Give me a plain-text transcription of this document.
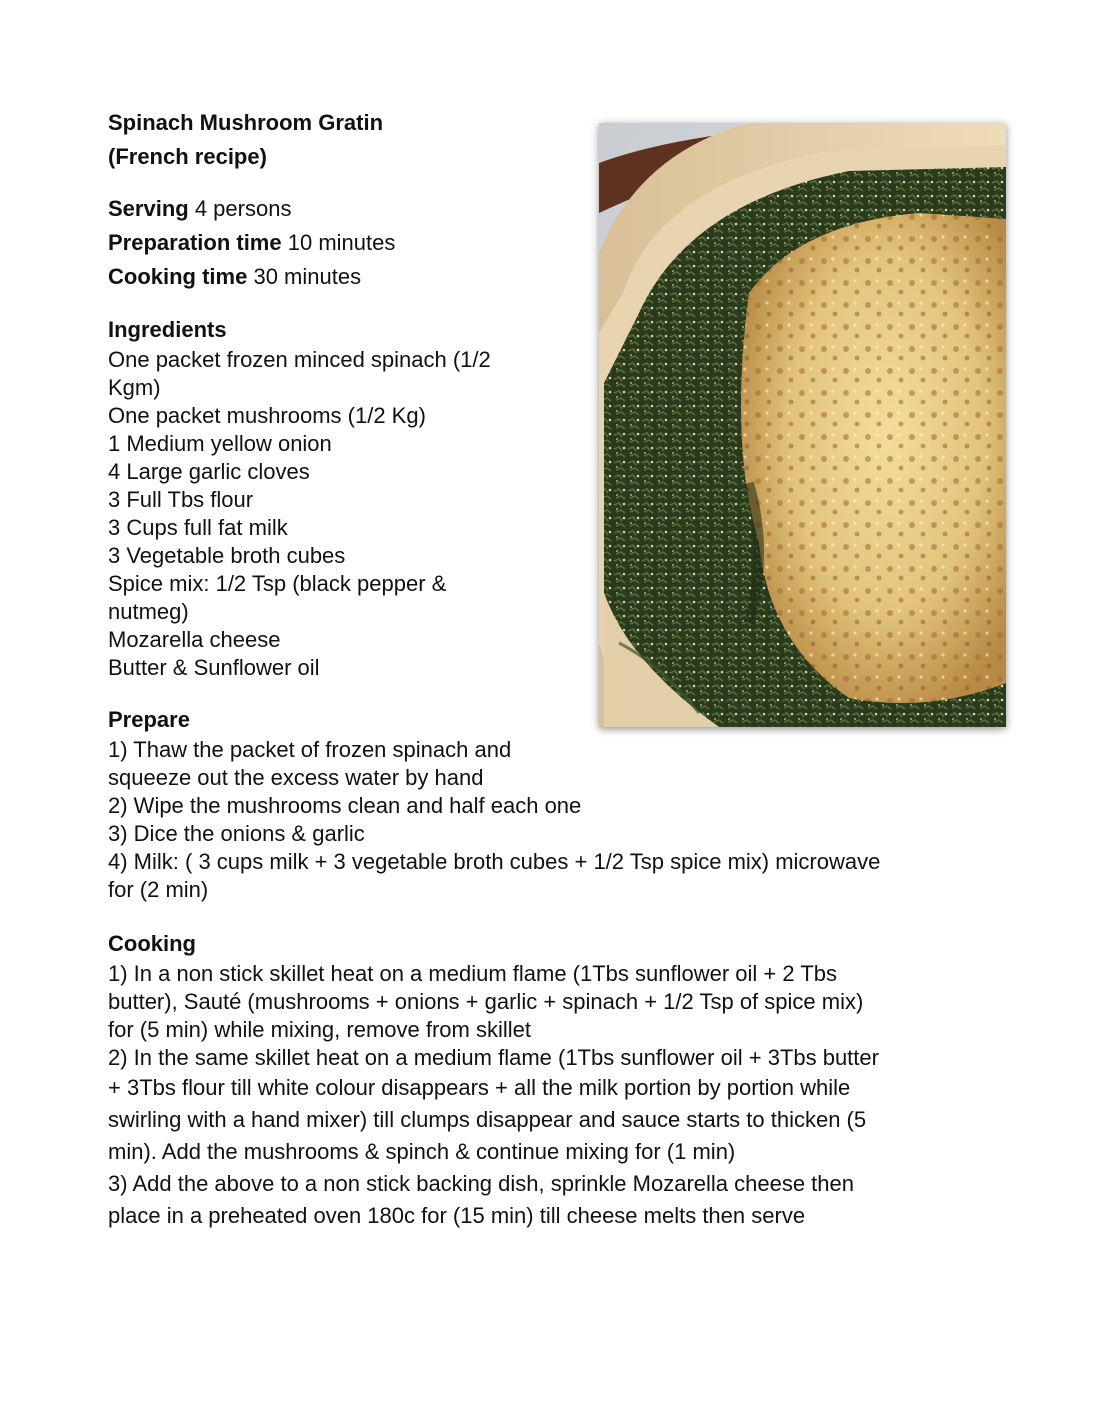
Spinach Mushroom Gratin
(French recipe)
Serving 4 persons
Preparation time 10 minutes
Cooking time 30 minutes
Ingredients
One packet frozen minced spinach (1/2
Kgm)
One packet mushrooms (1/2 Kg)
1 Medium yellow onion
4 Large garlic cloves
3 Full Tbs flour
3 Cups full fat milk
3 Vegetable broth cubes
Spice mix: 1/2 Tsp (black pepper &
nutmeg)
Mozarella cheese
Butter & Sunflower oil
Prepare
1) Thaw the packet of frozen spinach and
squeeze out the excess water by hand
2) Wipe the mushrooms clean and half each one
3) Dice the onions & garlic
4) Milk: ( 3 cups milk + 3 vegetable broth cubes + 1/2 Tsp spice mix) microwave
for (2 min)
Cooking
1) In a non stick skillet heat on a medium flame (1Tbs sunflower oil + 2 Tbs
butter), Sauté (mushrooms + onions + garlic + spinach + 1/2 Tsp of spice mix)
for (5 min) while mixing, remove from skillet
2) In the same skillet heat on a medium flame (1Tbs sunflower oil + 3Tbs butter
+ 3Tbs flour till white colour disappears + all the milk portion by portion while
swirling with a hand mixer) till clumps disappear and sauce starts to thicken (5
min). Add the mushrooms & spinch & continue mixing for (1 min)
3) Add the above to a non stick backing dish, sprinkle Mozarella cheese then
place in a preheated oven 180c for (15 min) till cheese melts then serve
